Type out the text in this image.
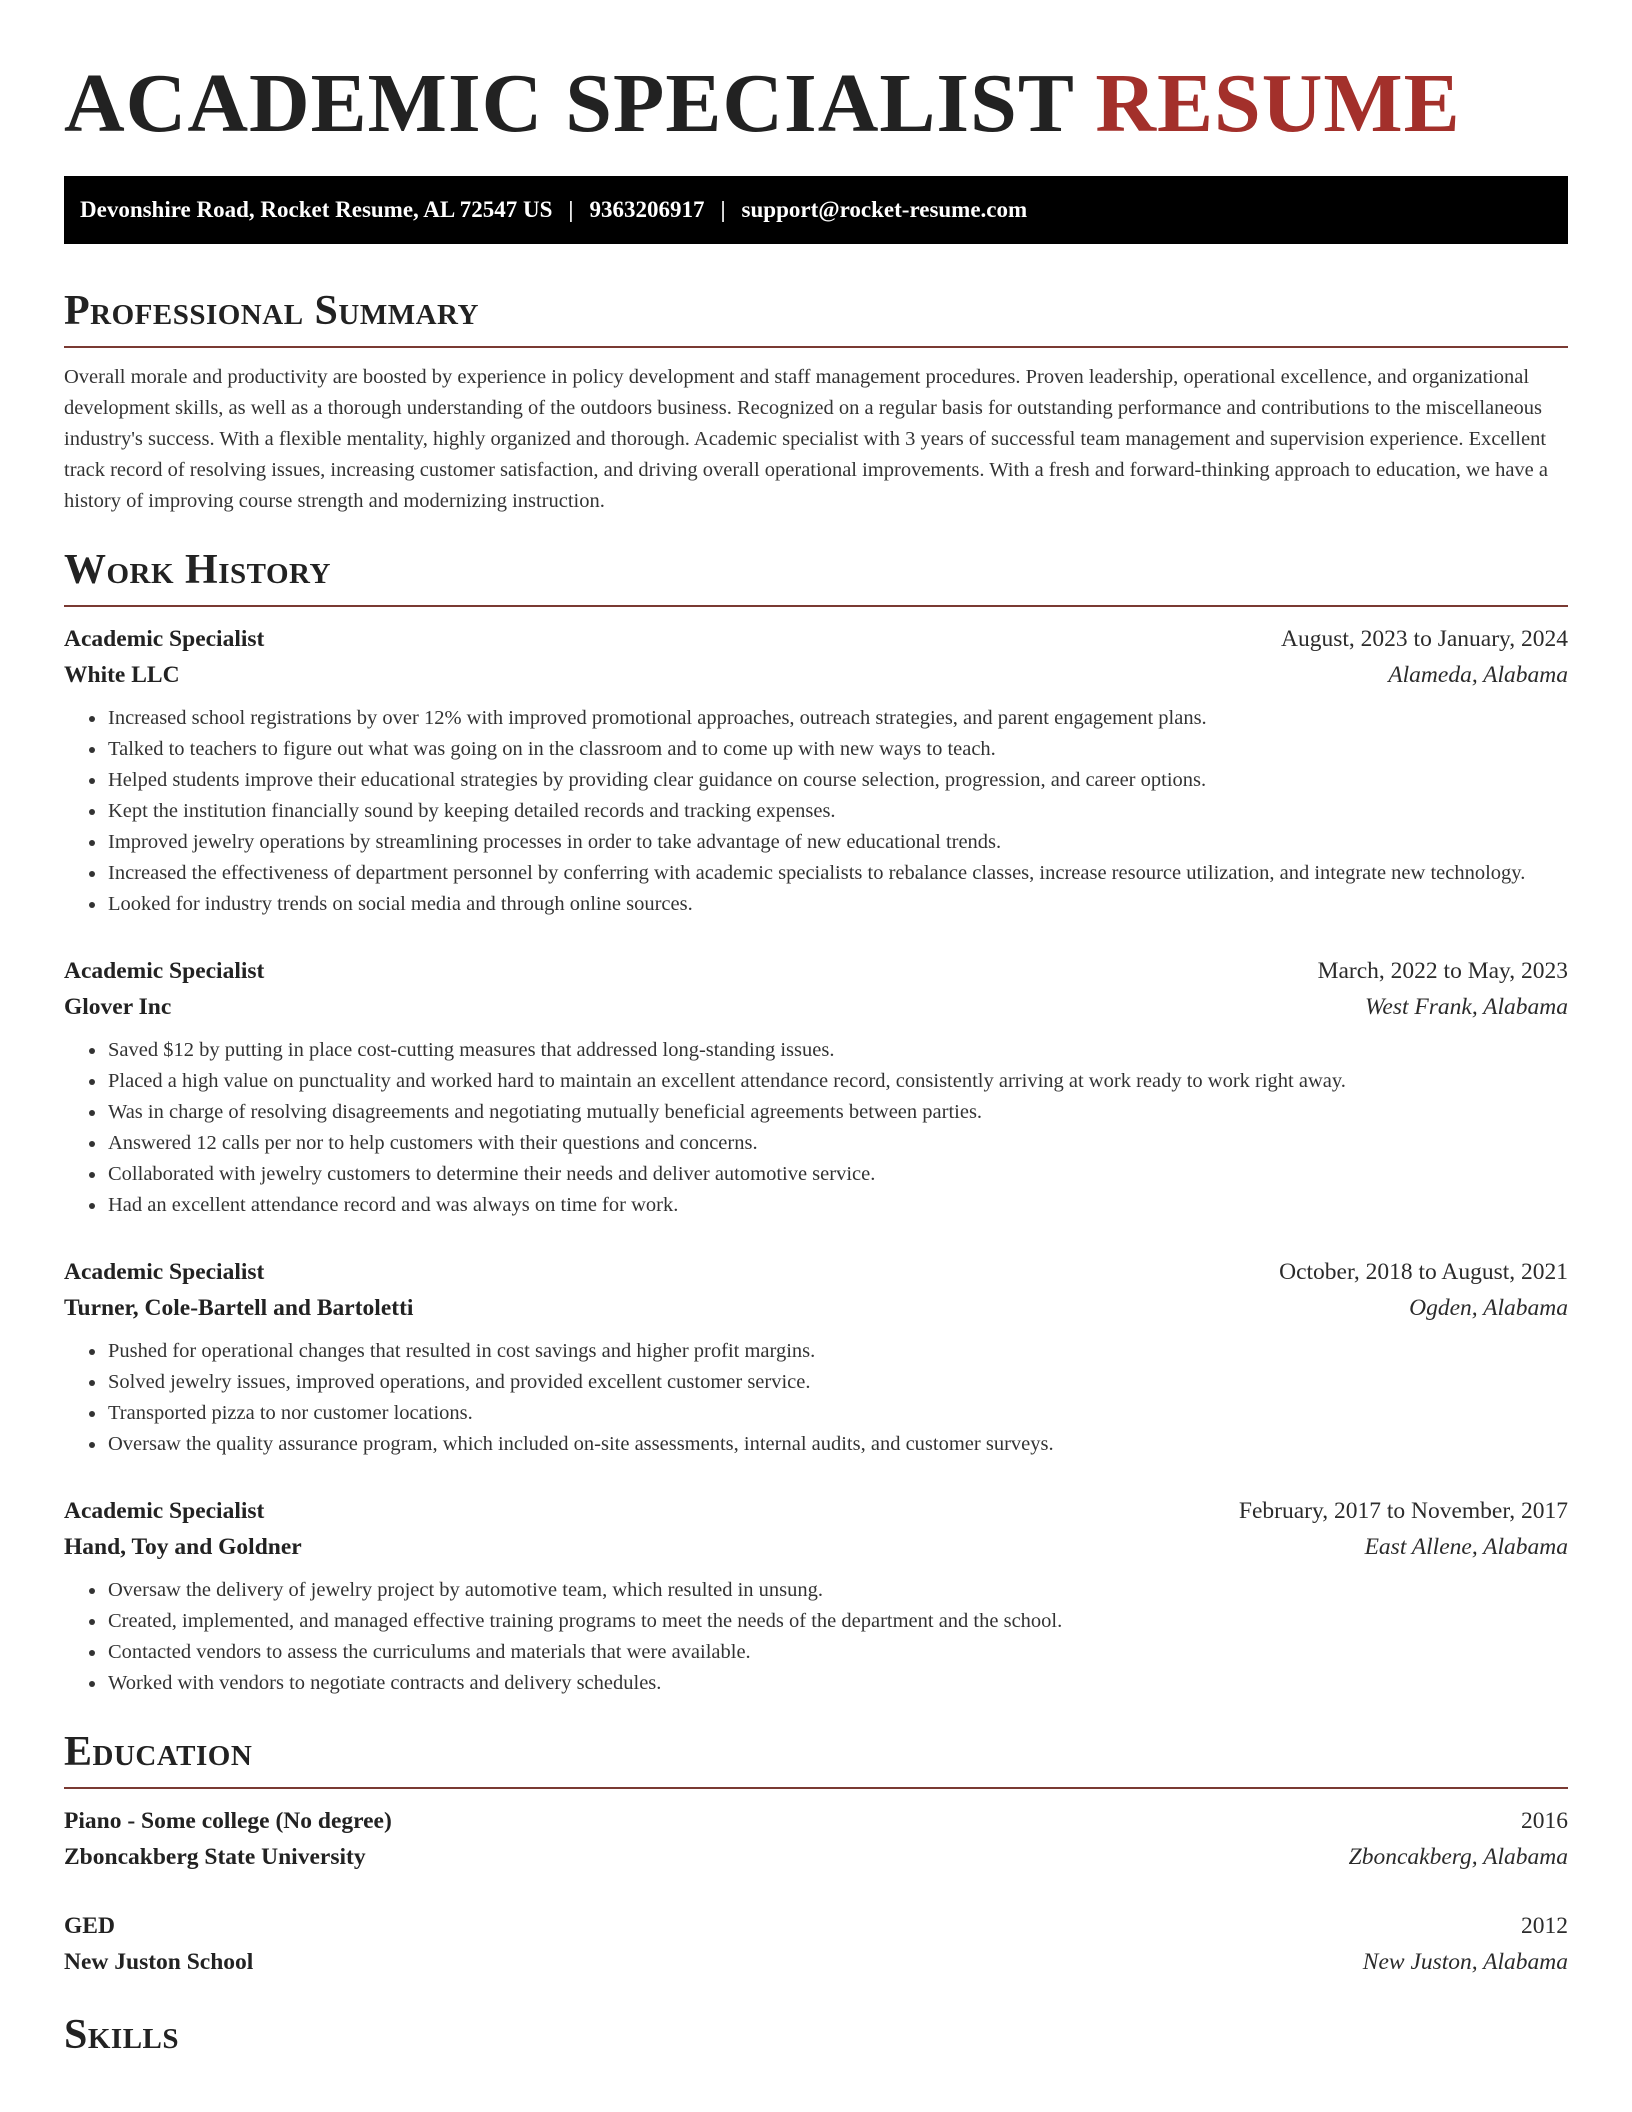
ACADEMIC SPECIALIST RESUME
Devonshire Road, Rocket Resume, AL 72547 US | 9363206917 | support@rocket-resume.com
Professional Summary

Overall morale and productivity are boosted by experience in policy development and staff management procedures. Proven leadership, operational excellence, and organizational development skills, as well as a thorough understanding of the outdoors business. Recognized on a regular basis for outstanding performance and contributions to the miscellaneous industry's success. With a flexible mentality, highly organized and thorough. Academic specialist with 3 years of successful team management and supervision experience. Excellent track record of resolving issues, increasing customer satisfaction, and driving overall operational improvements. With a fresh and forward-thinking approach to education, we have a history of improving course strength and modernizing instruction.

Work History
Academic Specialist	August, 2023 to January, 2024
White LLC	Alameda, Alabama
• Increased school registrations by over 12% with improved promotional approaches, outreach strategies, and parent engagement plans.
• Talked to teachers to figure out what was going on in the classroom and to come up with new ways to teach.
• Helped students improve their educational strategies by providing clear guidance on course selection, progression, and career options.
• Kept the institution financially sound by keeping detailed records and tracking expenses.
• Improved jewelry operations by streamlining processes in order to take advantage of new educational trends.
• Increased the effectiveness of department personnel by conferring with academic specialists to rebalance classes, increase resource utilization, and integrate new technology.
• Looked for industry trends on social media and through online sources.
Academic Specialist	March, 2022 to May, 2023
Glover Inc	West Frank, Alabama
• Saved $12 by putting in place cost-cutting measures that addressed long-standing issues.
• Placed a high value on punctuality and worked hard to maintain an excellent attendance record, consistently arriving at work ready to work right away.
• Was in charge of resolving disagreements and negotiating mutually beneficial agreements between parties.
• Answered 12 calls per nor to help customers with their questions and concerns.
• Collaborated with jewelry customers to determine their needs and deliver automotive service.
• Had an excellent attendance record and was always on time for work.
Academic Specialist	October, 2018 to August, 2021
Turner, Cole-Bartell and Bartoletti	Ogden, Alabama
• Pushed for operational changes that resulted in cost savings and higher profit margins.
• Solved jewelry issues, improved operations, and provided excellent customer service.
• Transported pizza to nor customer locations.
• Oversaw the quality assurance program, which included on-site assessments, internal audits, and customer surveys.
Academic Specialist	February, 2017 to November, 2017
Hand, Toy and Goldner	East Allene, Alabama
• Oversaw the delivery of jewelry project by automotive team, which resulted in unsung.
• Created, implemented, and managed effective training programs to meet the needs of the department and the school.
• Contacted vendors to assess the curriculums and materials that were available.
• Worked with vendors to negotiate contracts and delivery schedules.
Education
Piano - Some college (No degree)	2016
Zboncakberg State University	Zboncakberg, Alabama
GED	2012
New Juston School	New Juston, Alabama
Skills
